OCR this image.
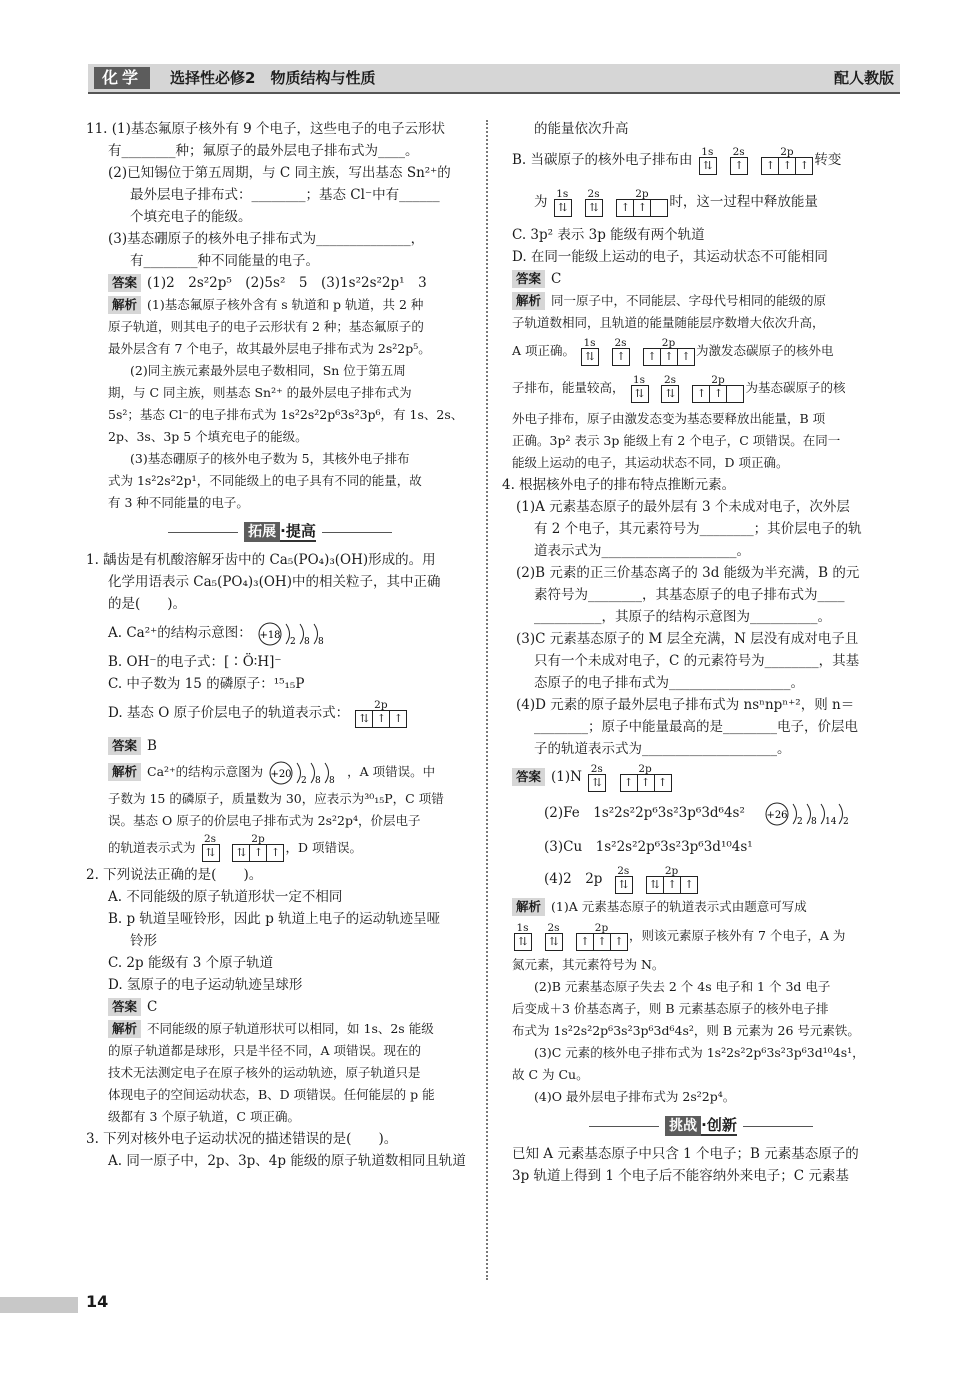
化学	选择性必修2　物质结构与性质	配人教版
11. (1)基态氟原子核外有 9 个电子，这些电子的电子云形状
有________种；氟原子的最外层电子排布式为____。
(2)已知锡位于第五周期，与 C 同主族，写出基态 Sn²⁺的
最外层电子排布式：________；基态 Cl⁻中有______
个填充电子的能级。
(3)基态硼原子的核外电子排布式为______________，
有________种不同能量的电子。
答案 (1)2　2s²2p⁵　(2)5s²　5　(3)1s²2s²2p¹　3
解析 (1)基态氟原子核外含有 s 轨道和 p 轨道，共 2 种
原子轨道，则其电子的电子云形状有 2 种；基态氟原子的
最外层含有 7 个电子，故其最外层电子排布式为 2s²2p⁵。
(2)同主族元素最外层电子数相同，Sn 位于第五周
期，与 C 同主族，则基态 Sn²⁺ 的最外层电子排布式为
5s²；基态 Cl⁻的电子排布式为 1s²2s²2p⁶3s²3p⁶，有 1s、2s、
2p、3s、3p 5 个填充电子的能级。
(3)基态硼原子的核外电子数为 5，其核外电子排布
式为 1s²2s²2p¹，不同能级上的电子具有不同的能量，故
有 3 种不同能量的电子。
拓展 ·提高
1. 龋齿是有机酸溶解牙齿中的 Ca₅(PO₄)₃(OH)形成的。用
化学用语表示 Ca₅(PO₄)₃(OH)中的相关粒子，其中正确
的是(　　)。
A. Ca²⁺的结构示意图： +18
2 8 8
B. OH⁻的电子式：[∶Ö∶H]⁻
C. 中子数为 15 的磷原子：¹⁵₁₅P
D. 基态 O 原子价层电子的轨道表示式：
2p
⇅ ↑ ↑
答案 B
解析 Ca²⁺的结构示意图为 +20
2 8 8
，A 项错误。中
子数为 15 的磷原子，质量数为 30，应表示为³⁰₁₅P，C 项错
误。基态 O 原子的价层电子排布式为 2s²2p⁴，价层电子
的轨道表示式为
2s
⇅

2p
⇅ ↑ ↑ ，D 项错误。
2. 下列说法正确的是(　　)。
A. 不同能级的原子轨道形状一定不相同
B. p 轨道呈哑铃形，因此 p 轨道上电子的运动轨迹呈哑
铃形
C. 2p 能级有 3 个原子轨道
D. 氢原子的电子运动轨迹呈球形
答案 C
解析 不同能级的原子轨道形状可以相同，如 1s、2s 能级
的原子轨道都是球形，只是半径不同，A 项错误。现在的
技术无法测定电子在原子核外的运动轨迹，原子轨道只是
体现电子的空间运动状态，B、D 项错误。任何能层的 p 能
级都有 3 个原子轨道，C 项正确。
3. 下列对核外电子运动状况的描述错误的是(　　)。
A. 同一原子中，2p、3p、4p 能级的原子轨道数相同且轨道
的能量依次升高
B. 当碳原子的核外电子排布由
1s
⇅

2s
↑

2p
↑ ↑ ↑ 转变
为
1s
⇅

2s
⇅

2p
↑ ↑	时，这一过程中释放能量
C. 3p² 表示 3p 能级有两个轨道
D. 在同一能级上运动的电子，其运动状态不可能相同
答案 C
解析 同一原子中，不同能层、字母代号相同的能级的原
子轨道数相同，且轨道的能量随能层序数增大依次升高，
A 项正确。
1s
⇅

2s
↑

2p
↑ ↑ ↑ 为激发态碳原子的核外电
子排布，能量较高，
1s
⇅

2s
⇅

2p
↑ ↑	为基态碳原子的核
外电子排布，原子由激发态变为基态要释放出能量，B 项
正确。3p² 表示 3p 能级上有 2 个电子，C 项错误。在同一
能级上运动的电子，其运动状态不同，D 项正确。
4. 根据核外电子的排布特点推断元素。
(1)A 元素基态原子的最外层有 3 个未成对电子，次外层
有 2 个电子，其元素符号为________；其价层电子的轨
道表示式为____________________。
(2)B 元素的正三价基态离子的 3d 能级为半充满，B 的元
素符号为________，其基态原子的电子排布式为____
__________，其原子的结构示意图为__________。
(3)C 元素基态原子的 M 层全充满，N 层没有成对电子且
只有一个未成对电子，C 的元素符号为________，其基
态原子的电子排布式为__________________。
(4)D 元素的原子最外层电子排布式为 nsⁿnpⁿ⁺²，则 n＝
________；原子中能量最高的是________电子，价层电
子的轨道表示式为____________________。
答案 (1)N
2s
⇅

2p
↑ ↑ ↑
(2)Fe　1s²2s²2p⁶3s²3p⁶3d⁶4s² +26
2 8 14 2
(3)Cu　1s²2s²2p⁶3s²3p⁶3d¹⁰4s¹
(4)2　2p
2s
⇅

2p
⇅ ↑ ↑
解析 (1)A 元素基态原子的轨道表示式由题意可写成
1s
⇅

2s
⇅

2p
↑ ↑ ↑ ，则该元素原子核外有 7 个电子，A 为
氮元素，其元素符号为 N。
(2)B 元素基态原子失去 2 个 4s 电子和 1 个 3d 电子
后变成＋3 价基态离子，则 B 元素基态原子的核外电子排
布式为 1s²2s²2p⁶3s²3p⁶3d⁶4s²，则 B 元素为 26 号元素铁。
(3)C 元素的核外电子排布式为 1s²2s²2p⁶3s²3p⁶3d¹⁰4s¹，
故 C 为 Cu。
(4)O 最外层电子排布式为 2s²2p⁴。
挑战 ·创新
已知 A 元素基态原子中只含 1 个电子；B 元素基态原子的
3p 轨道上得到 1 个电子后不能容纳外来电子；C 元素基
14
